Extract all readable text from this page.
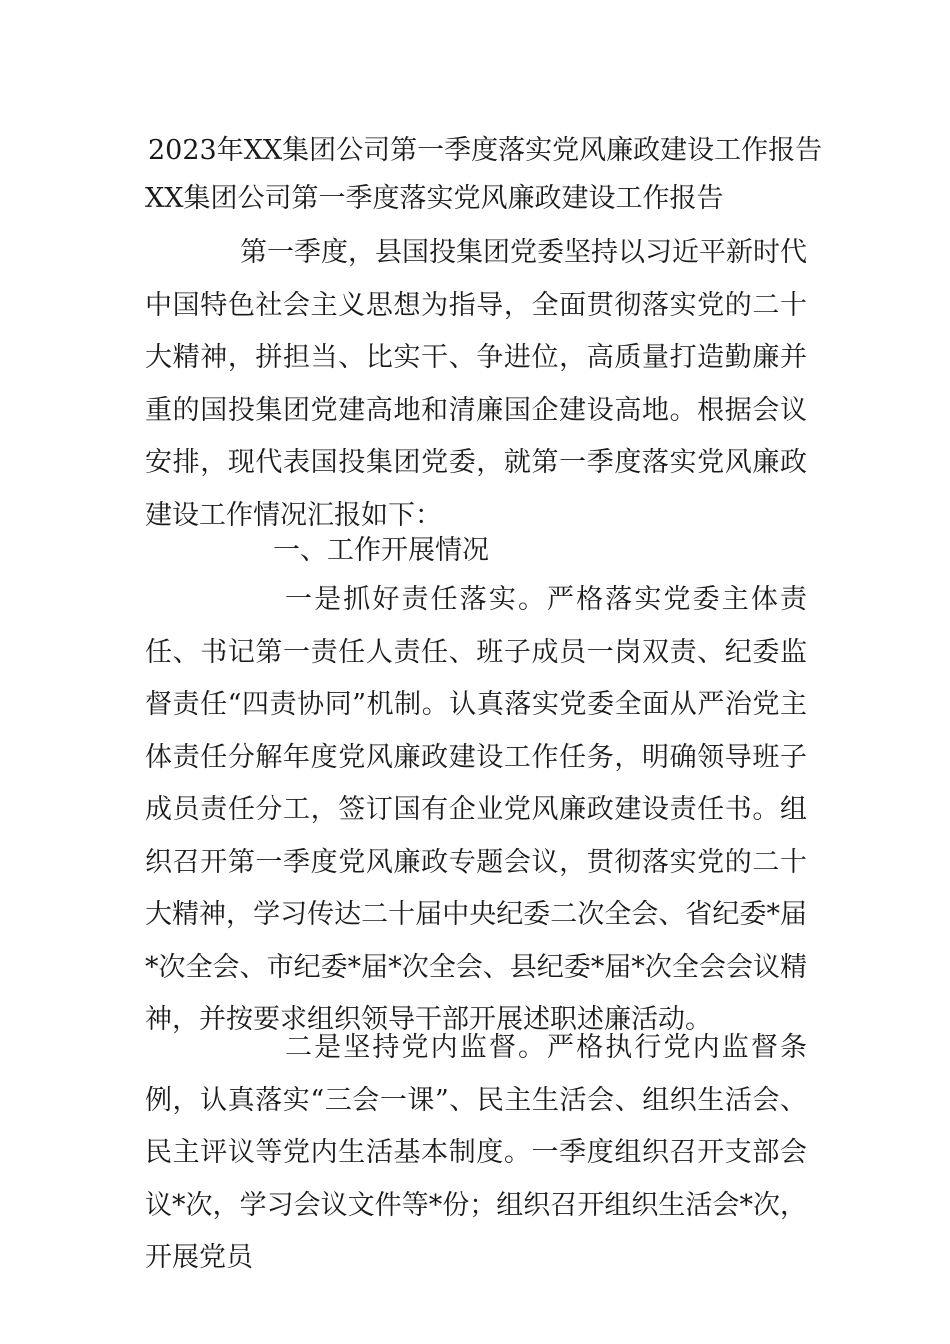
2023年XX集团公司第一季度落实党风廉政建设工作报告
XX集团公司第一季度落实党风廉政建设工作报告

第一季度，县国投集团党委坚持以习近平新时代中国特色社会主义思想为指导，全面贯彻落实党的二十大精神，拼担当、比实干、争进位，高质量打造勤廉并重的国投集团党建高地和清廉国企建设高地。根据会议安排，现代表国投集团党委，就第一季度落实党风廉政建设工作情况汇报如下：

一、工作开展情况

一是抓好责任落实。严格落实党委主体责任、书记第一责任人责任、班子成员一岗双责、纪委监督责任“四责协同”机制。认真落实党委全面从严治党主体责任分解年度党风廉政建设工作任务，明确领导班子成员责任分工，签订国有企业党风廉政建设责任书。组织召开第一季度党风廉政专题会议，贯彻落实党的二十大精神，学习传达二十届中央纪委二次全会、省纪委*届*次全会、市纪委*届*次全会、县纪委*届*次全会会议精神，并按要求组织领导干部开展述职述廉活动。

二是坚持党内监督。严格执行党内监督条例，认真落实“三会一课”、民主生活会、组织生活会、民主评议等党内生活基本制度。一季度组织召开支部会议*次，学习会议文件等*份；组织召开组织生活会*次，开展党员
